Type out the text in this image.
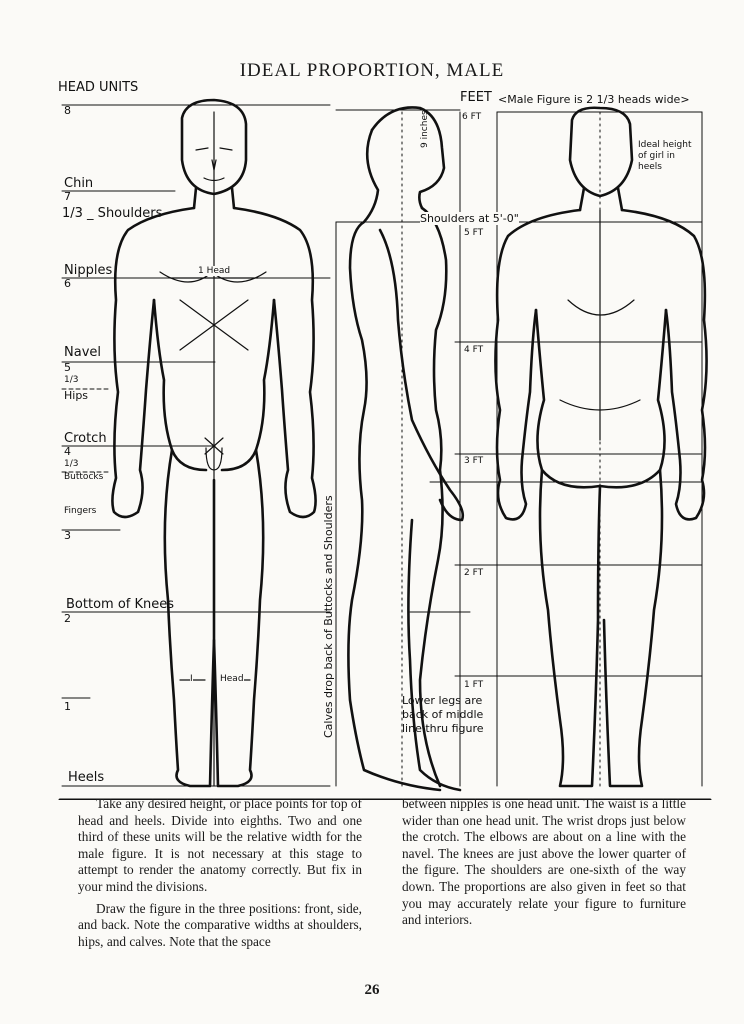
IDEAL PROPORTION, MALE
HEAD UNITS
8
Chin
7
1/3 _ Shoulders
Nipples
6
Navel
5
1/3
Hips
Crotch
4
1/3
Buttocks
Fingers
3
Bottom of Knees
2
1
Heels
1 Head
I	Head
FEET <Male Figure is 2 1/3 heads wide>
6 FT
5 FT
4 FT
3 FT
2 FT
1 FT
9 inches
Shoulders at 5'-0"
Ideal height of girl in heels
Calves drop back of Buttocks and Shoulders	Lower legs are back of middle line thru figure

Take any desired height, or place points for top of head and heels. Divide into eighths. Two and one third of these units will be the relative width for the male figure. It is not necessary at this stage to attempt to render the anatomy correctly. But fix in your mind the divisions.

Draw the figure in the three positions: front, side, and back. Note the comparative widths at shoulders, hips, and calves. Note that the space

between nipples is one head unit. The waist is a little wider than one head unit. The wrist drops just below the crotch. The elbows are about on a line with the navel. The knees are just above the lower quarter of the figure. The shoulders are one-sixth of the way down. The proportions are also given in feet so that you may accurately relate your figure to furniture and interiors.

26
